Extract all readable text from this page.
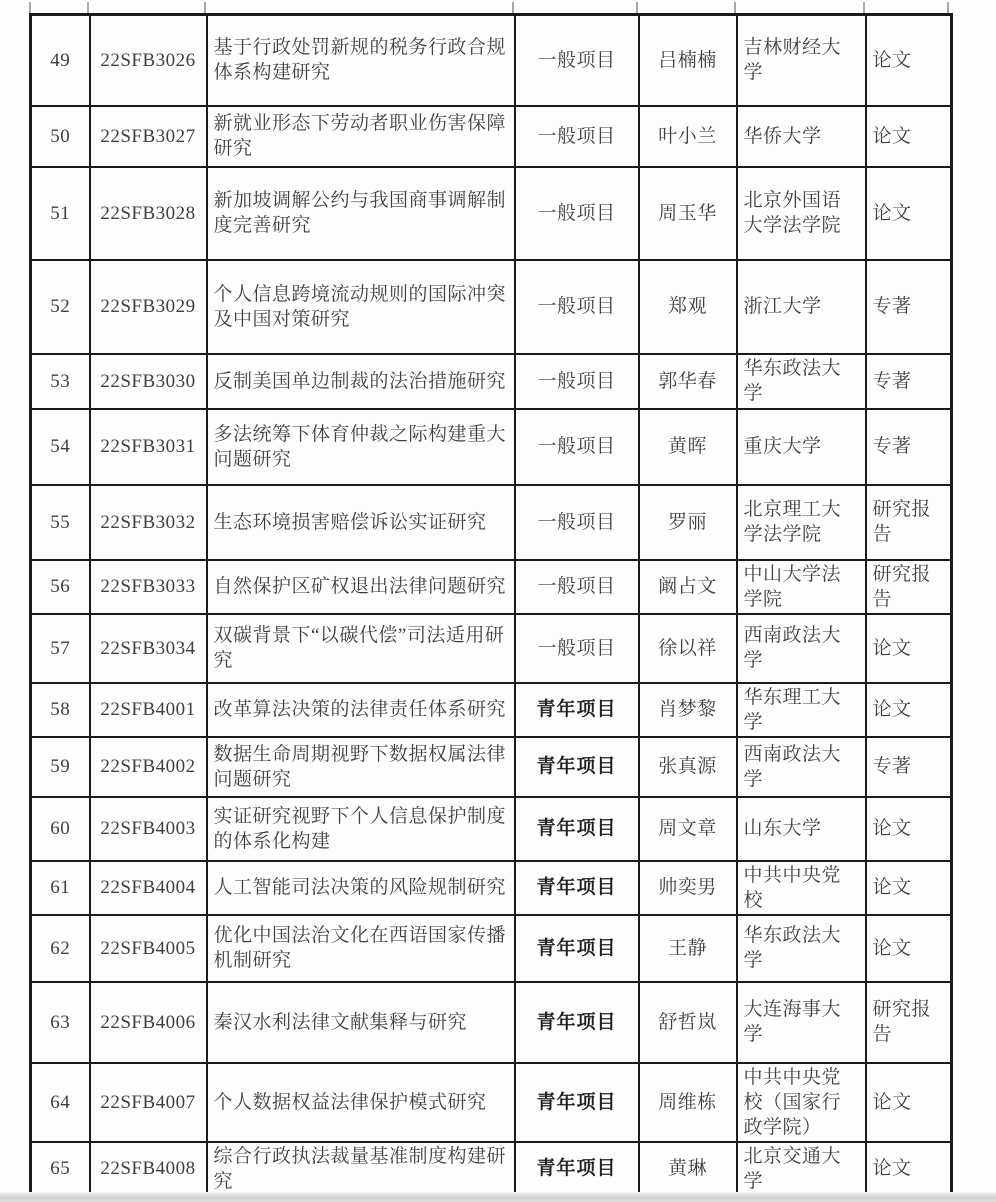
49	22SFB3026	基于行政处罚新规的税务行政合规体系构建研究	一般项目	吕楠楠	吉林财经大学	论文
50	22SFB3027	新就业形态下劳动者职业伤害保障研究	一般项目	叶小兰	华侨大学	论文
51	22SFB3028	新加坡调解公约与我国商事调解制度完善研究	一般项目	周玉华	北京外国语大学法学院	论文
52	22SFB3029	个人信息跨境流动规则的国际冲突及中国对策研究	一般项目	郑观	浙江大学	专著
53	22SFB3030	反制美国单边制裁的法治措施研究	一般项目	郭华春	华东政法大学	专著
54	22SFB3031	多法统筹下体育仲裁之际构建重大问题研究	一般项目	黄晖	重庆大学	专著
55	22SFB3032	生态环境损害赔偿诉讼实证研究	一般项目	罗丽	北京理工大学法学院	研究报告
56	22SFB3033	自然保护区矿权退出法律问题研究	一般项目	阚占文	中山大学法学院	研究报告
57	22SFB3034	双碳背景下“以碳代偿”司法适用研究	一般项目	徐以祥	西南政法大学	论文
58	22SFB4001	改革算法决策的法律责任体系研究	青年项目	肖梦黎	华东理工大学	论文
59	22SFB4002	数据生命周期视野下数据权属法律问题研究	青年项目	张真源	西南政法大学	专著
60	22SFB4003	实证研究视野下个人信息保护制度的体系化构建	青年项目	周文章	山东大学	论文
61	22SFB4004	人工智能司法决策的风险规制研究	青年项目	帅奕男	中共中央党校	论文
62	22SFB4005	优化中国法治文化在西语国家传播机制研究	青年项目	王静	华东政法大学	论文
63	22SFB4006	秦汉水利法律文献集释与研究	青年项目	舒哲岚	大连海事大学	研究报告
64	22SFB4007	个人数据权益法律保护模式研究	青年项目	周维栋	中共中央党校（国家行政学院）	论文
65	22SFB4008	综合行政执法裁量基准制度构建研究	青年项目	黄琳	北京交通大学	论文
